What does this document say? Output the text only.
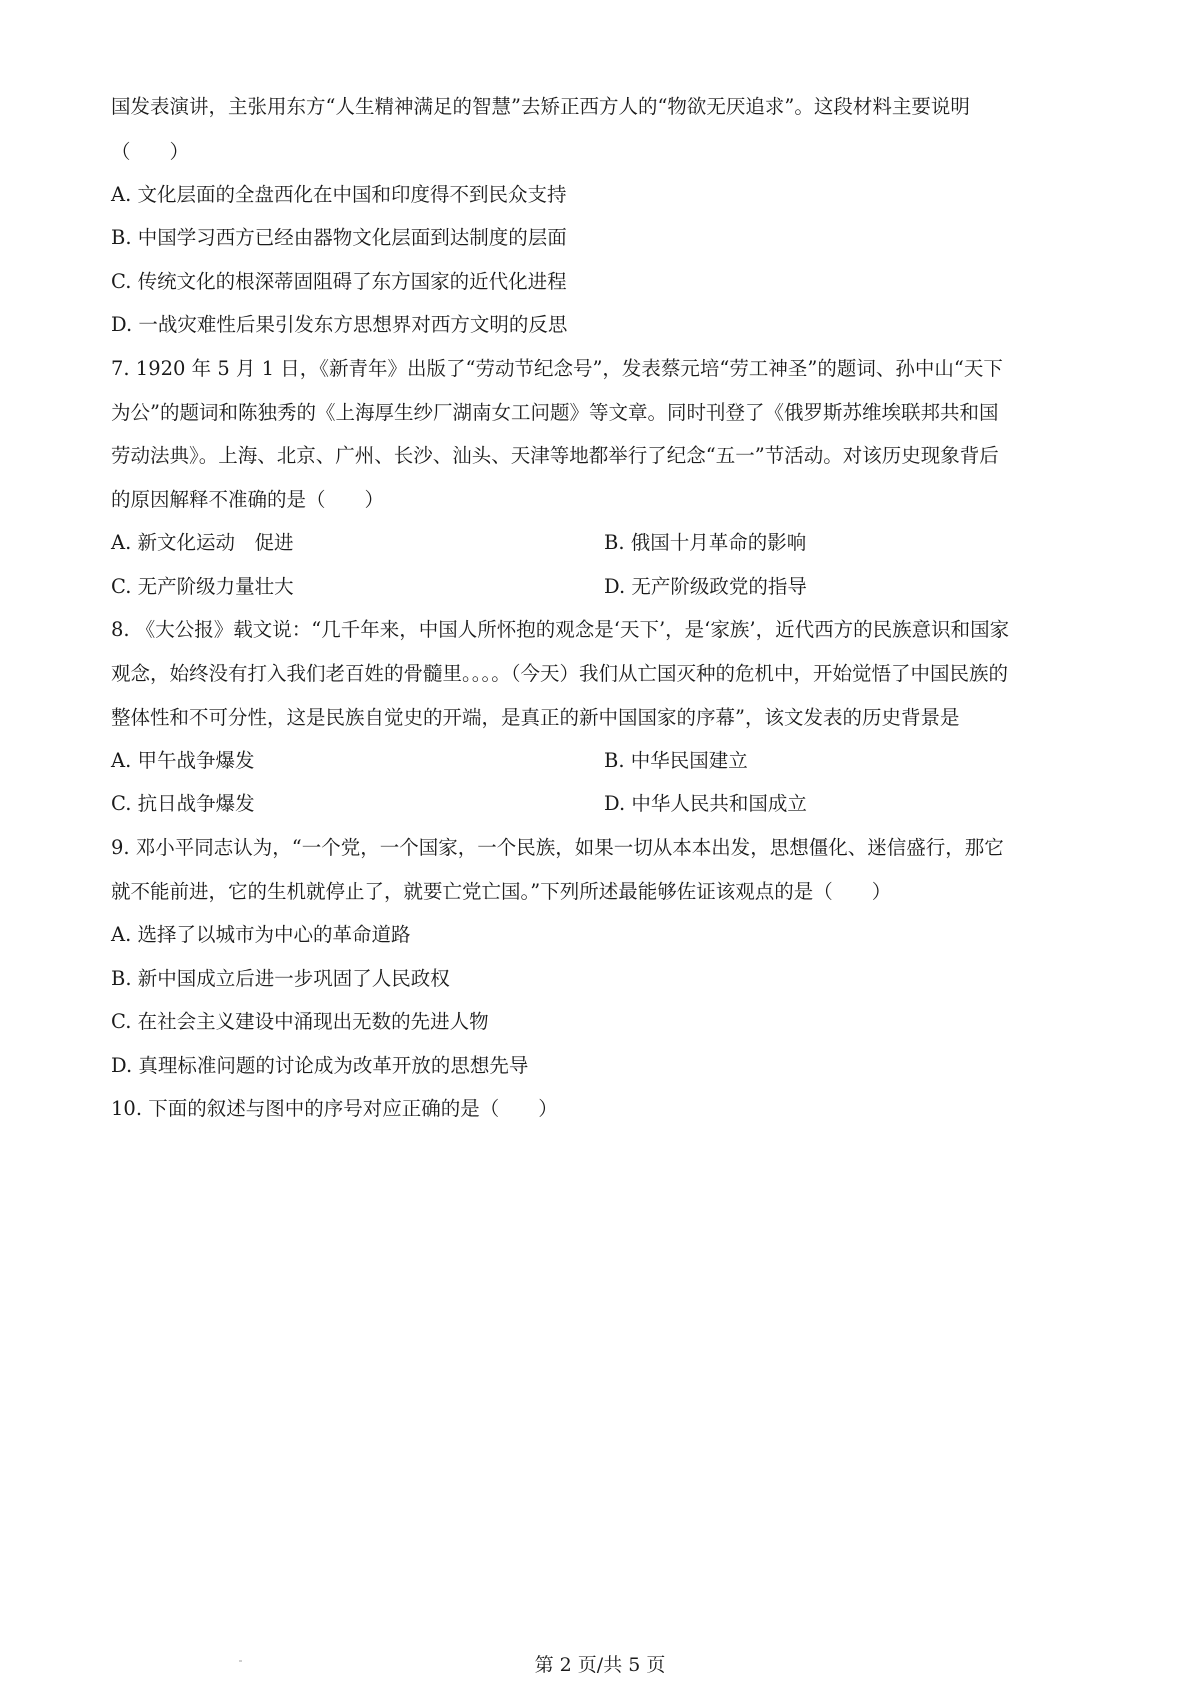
国发表演讲，主张用东方“人生精神满足的智慧”去矫正西方人的“物欲无厌追求”。这段材料主要说明

（　　）

A. 文化层面的全盘西化在中国和印度得不到民众支持

B. 中国学习西方已经由器物文化层面到达制度的层面

C. 传统文化的根深蒂固阻碍了东方国家的近代化进程

D. 一战灾难性后果引发东方思想界对西方文明的反思

7. 1920 年 5 月 1 日，《新青年》出版了“劳动节纪念号”，发表蔡元培“劳工神圣”的题词、孙中山“天下

为公”的题词和陈独秀的《上海厚生纱厂湖南女工问题》等文章。同时刊登了《俄罗斯苏维埃联邦共和国

劳动法典》。上海、北京、广州、长沙、汕头、天津等地都举行了纪念“五一”节活动。对该历史现象背后

的原因解释不准确的是（　　）

A. 新文化运动　促进	B. 俄国十月革命的影响

C. 无产阶级力量壮大	D. 无产阶级政党的指导

8. 《大公报》载文说：“几千年来，中国人所怀抱的观念是‘天下’，是‘家族’，近代西方的民族意识和国家

观念，始终没有打入我们老百姓的骨髓里。。。。（今天）我们从亡国灭种的危机中，开始觉悟了中国民族的

整体性和不可分性，这是民族自觉史的开端，是真正的新中国国家的序幕”，该文发表的历史背景是

A. 甲午战争爆发	B. 中华民国建立

C. 抗日战争爆发	D. 中华人民共和国成立

9. 邓小平同志认为，“一个党，一个国家，一个民族，如果一切从本本出发，思想僵化、迷信盛行，那它

就不能前进，它的生机就停止了，就要亡党亡国。”下列所述最能够佐证该观点的是（　　）

A. 选择了以城市为中心的革命道路

B. 新中国成立后进一步巩固了人民政权

C. 在社会主义建设中涌现出无数的先进人物

D. 真理标准问题的讨论成为改革开放的思想先导

10. 下面的叙述与图中的序号对应正确的是（　　）

第 2 页/共 5 页
